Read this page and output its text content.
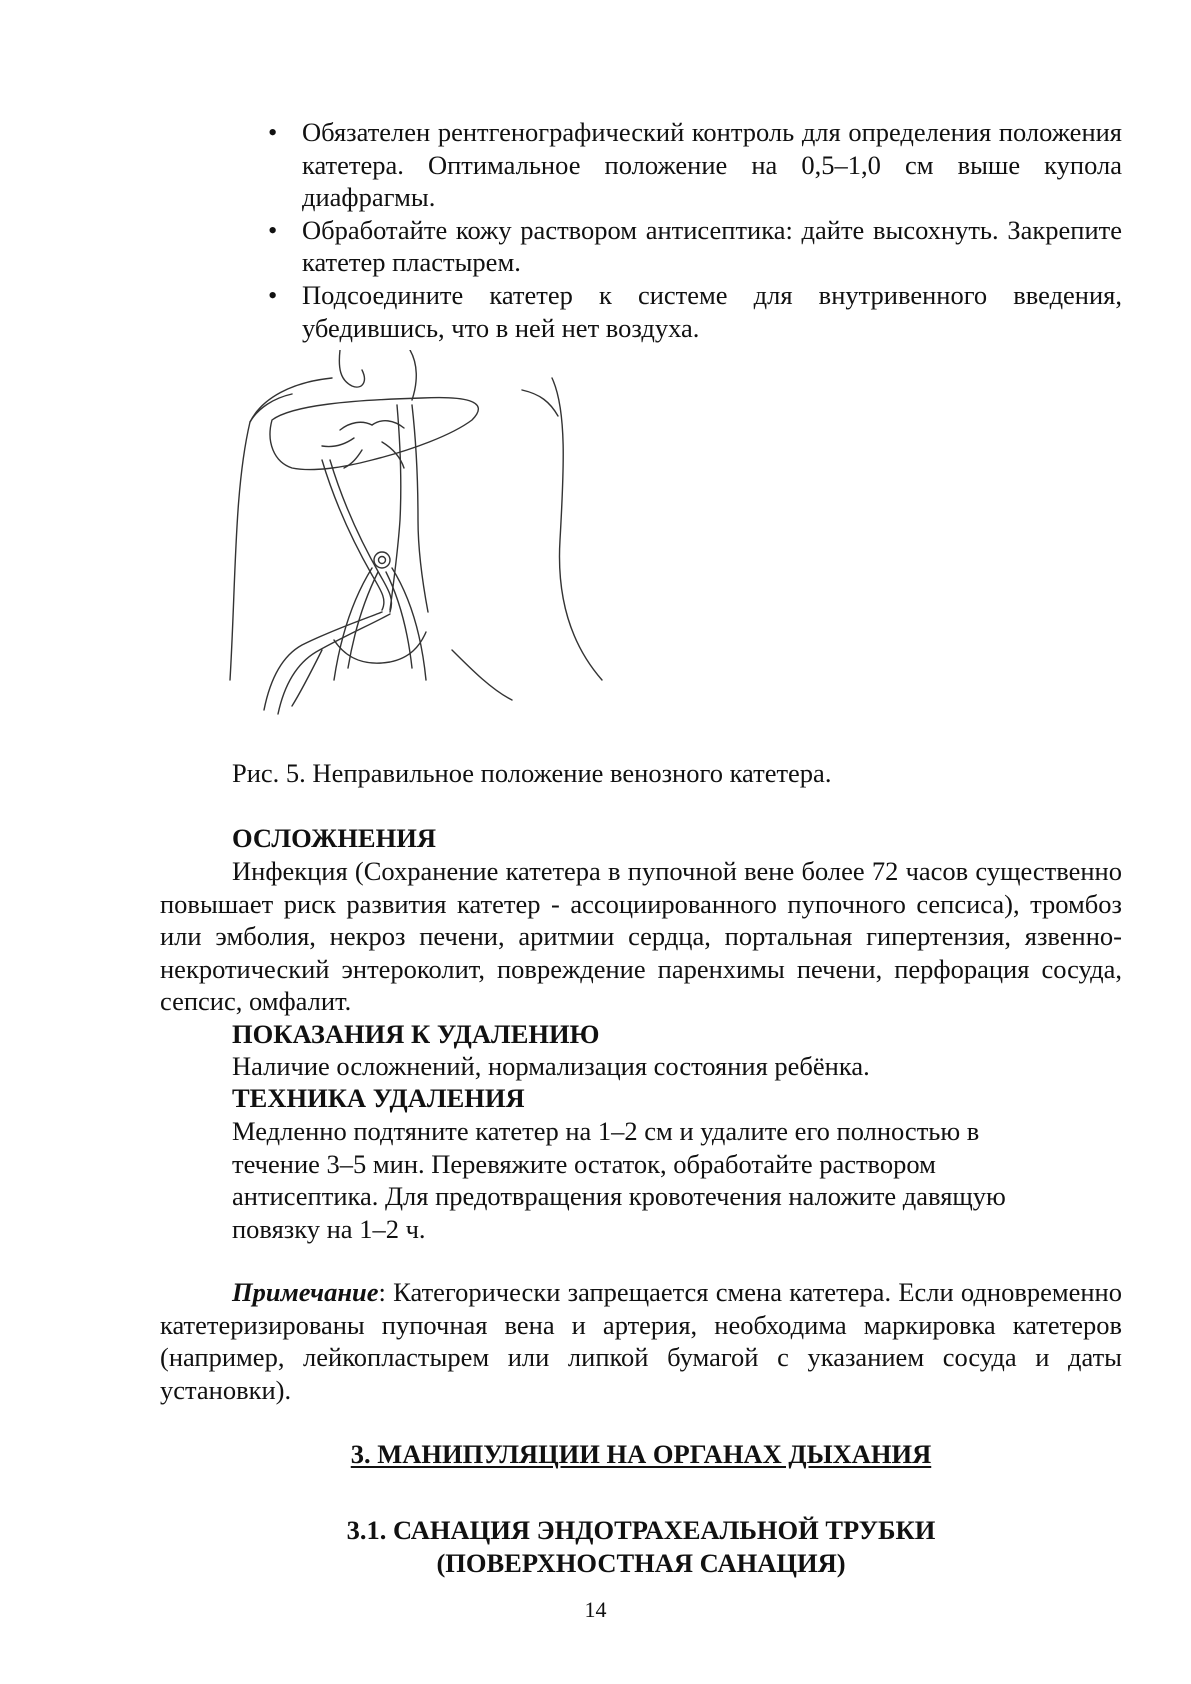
• Обязателен рентгенографический контроль для определения положения катетера. Оптимальное положение на 0,5–1,0 см выше купола диафрагмы.
• Обработайте кожу раствором антисептика: дайте высохнуть. Закрепите катетер пластырем.
• Подсоедините катетер к системе для внутривенного введения, убедившись, что в ней нет воздуха.
Рис. 5. Неправильное положение венозного катетера.
ОСЛОЖНЕНИЯ
Инфекция (Сохранение катетера в пупочной вене более 72 часов существенно повышает риск развития катетер - ассоциированного пупочного сепсиса), тромбоз или эмболия, некроз печени, аритмии сердца, портальная гипертензия, язвенно-некротический энтероколит, повреждение паренхимы печени, перфорация сосуда, сепсис, омфалит.
ПОКАЗАНИЯ К УДАЛЕНИЮ
Наличие осложнений, нормализация состояния ребёнка.
ТЕХНИКА УДАЛЕНИЯ
Медленно подтяните катетер на 1–2 см и удалите его полностью в
течение 3–5 мин. Перевяжите остаток, обработайте раствором
антисептика. Для предотвращения кровотечения наложите давящую
повязку на 1–2 ч.
Примечание: Категорически запрещается смена катетера. Если одновременно катетеризированы пупочная вена и артерия, необходима маркировка катетеров (например, лейкопластырем или липкой бумагой с указанием сосуда и даты установки).
3. МАНИПУЛЯЦИИ НА ОРГАНАХ ДЫХАНИЯ
3.1. САНАЦИЯ ЭНДОТРАХЕАЛЬНОЙ ТРУБКИ
(ПОВЕРХНОСТНАЯ САНАЦИЯ)
14
